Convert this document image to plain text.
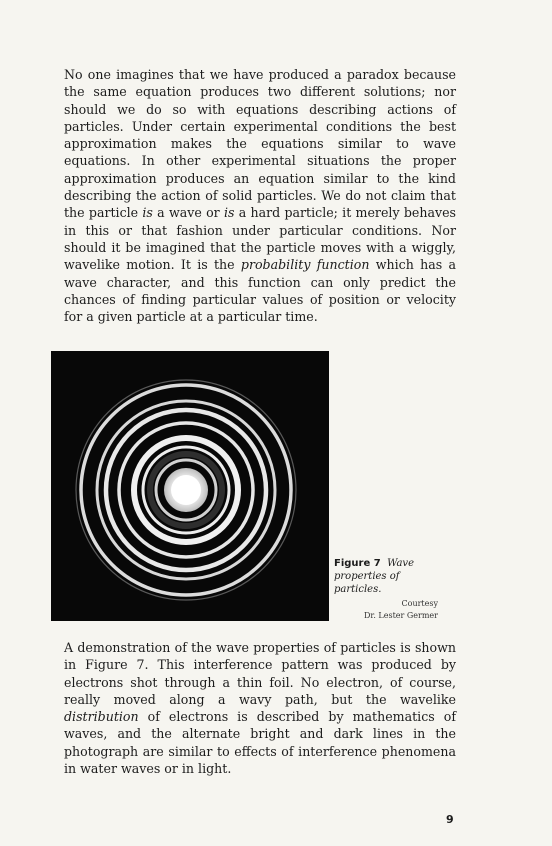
No one imagines that we have produced a paradox because the same equation produces two different solutions; nor should we do so with equations describing actions of particles. Under certain experimental conditions the best approximation makes the equations similar to wave equations. In other experimental situations the proper approximation produces an equation similar to the kind describing the action of solid particles. We do not claim that the particle is a wave or is a hard particle; it merely behaves in this or that fashion under particular conditions. Nor should it be imagined that the particle moves with a wiggly, wavelike motion. It is the probability function which has a wave character, and this function can only predict the chances of finding particular values of position or velocity for a given particle at a particular time.

Figure 7 Wave properties of particles.
Courtesy
Dr. Lester Germer

A demonstration of the wave properties of particles is shown in Figure 7. This interference pattern was produced by electrons shot through a thin foil. No electron, of course, really moved along a wavy path, but the wavelike distribution of electrons is described by mathematics of waves, and the alternate bright and dark lines in the photograph are similar to effects of interference phenomena in water waves or in light.

9
